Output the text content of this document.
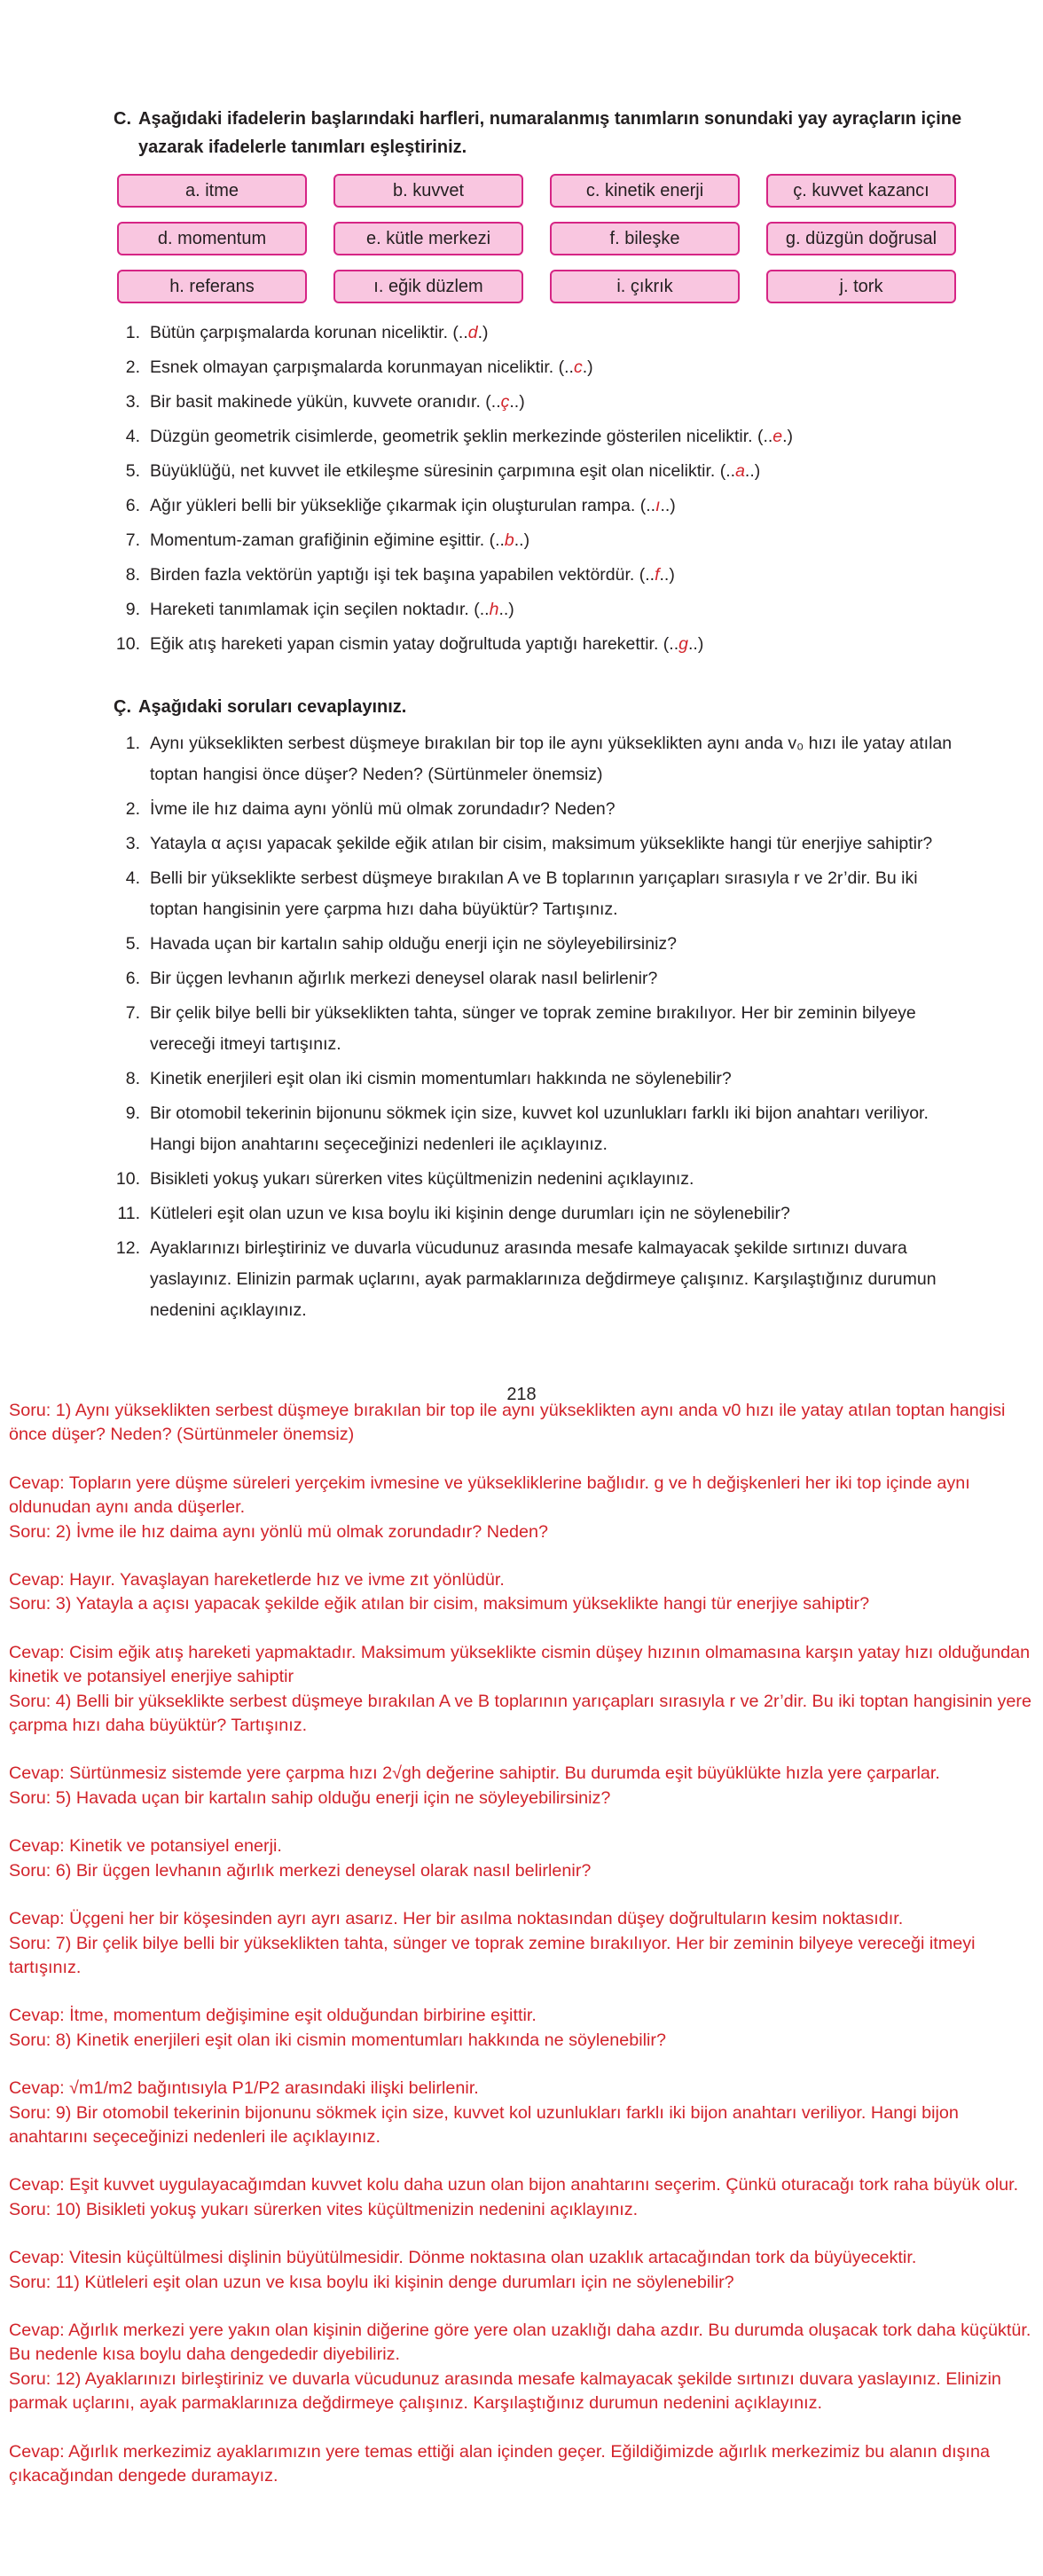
C. Aşağıdaki ifadelerin başlarındaki harfleri, numaralanmış tanımların sonundaki yay ayraçların içine yazarak ifadelerle tanımları eşleştiriniz.
a. itme	b. kuvvet	c. kinetik enerji	ç. kuvvet kazancı
d. momentum	e. kütle merkezi	f. bileşke	g. düzgün doğrusal
h. referans	ı. eğik düzlem	i. çıkrık	j. tork
1. Bütün çarpışmalarda korunan niceliktir. (..d.)
2. Esnek olmayan çarpışmalarda korunmayan niceliktir. (..c.)
3. Bir basit makinede yükün, kuvvete oranıdır. (..ç..)
4. Düzgün geometrik cisimlerde, geometrik şeklin merkezinde gösterilen niceliktir. (..e.)
5. Büyüklüğü, net kuvvet ile etkileşme süresinin çarpımına eşit olan niceliktir. (..a..)
6. Ağır yükleri belli bir yüksekliğe çıkarmak için oluşturulan rampa. (..ı..)
7. Momentum-zaman grafiğinin eğimine eşittir. (..b..)
8. Birden fazla vektörün yaptığı işi tek başına yapabilen vektördür. (..f..)
9. Hareketi tanımlamak için seçilen noktadır. (..h..)
10. Eğik atış hareketi yapan cismin yatay doğrultuda yaptığı harekettir. (..g..)
Ç. Aşağıdaki soruları cevaplayınız.
1. Aynı yükseklikten serbest düşmeye bırakılan bir top ile aynı yükseklikten aynı anda v₀ hızı ile yatay atılan toptan hangisi önce düşer? Neden? (Sürtünmeler önemsiz)
2. İvme ile hız daima aynı yönlü mü olmak zorundadır? Neden?
3. Yatayla α açısı yapacak şekilde eğik atılan bir cisim, maksimum yükseklikte hangi tür enerjiye sahiptir?
4. Belli bir yükseklikte serbest düşmeye bırakılan A ve B toplarının yarıçapları sırasıyla r ve 2r’dir. Bu iki toptan hangisinin yere çarpma hızı daha büyüktür? Tartışınız.
5. Havada uçan bir kartalın sahip olduğu enerji için ne söyleyebilirsiniz?
6. Bir üçgen levhanın ağırlık merkezi deneysel olarak nasıl belirlenir?
7. Bir çelik bilye belli bir yükseklikten tahta, sünger ve toprak zemine bırakılıyor. Her bir zeminin bilyeye vereceği itmeyi tartışınız.
8. Kinetik enerjileri eşit olan iki cismin momentumları hakkında ne söylenebilir?
9. Bir otomobil tekerinin bijonunu sökmek için size, kuvvet kol uzunlukları farklı iki bijon anahtarı veriliyor. Hangi bijon anahtarını seçeceğinizi nedenleri ile açıklayınız.
10. Bisikleti yokuş yukarı sürerken vites küçültmenizin nedenini açıklayınız.
11. Kütleleri eşit olan uzun ve kısa boylu iki kişinin denge durumları için ne söylenebilir?
12. Ayaklarınızı birleştiriniz ve duvarla vücudunuz arasında mesafe kalmayacak şekilde sırtınızı duvara yaslayınız. Elinizin parmak uçlarını, ayak parmaklarınıza değdirmeye çalışınız. Karşılaştığınız durumun nedenini açıklayınız.
218

Soru: 1) Aynı yükseklikten serbest düşmeye bırakılan bir top ile aynı yükseklikten aynı anda v0 hızı ile yatay atılan toptan hangisi önce düşer? Neden? (Sürtünmeler önemsiz)

Cevap: Topların yere düşme süreleri yerçekim ivmesine ve yüksekliklerine bağlıdır. g ve h değişkenleri her iki top içinde aynı oldunudan aynı anda düşerler.

Soru: 2) İvme ile hız daima aynı yönlü mü olmak zorundadır? Neden?

Cevap: Hayır. Yavaşlayan hareketlerde hız ve ivme zıt yönlüdür.

Soru: 3) Yatayla a açısı yapacak şekilde eğik atılan bir cisim, maksimum yükseklikte hangi tür enerjiye sahiptir?

Cevap: Cisim eğik atış hareketi yapmaktadır. Maksimum yükseklikte cismin düşey hızının olmamasına karşın yatay hızı olduğundan kinetik ve potansiyel enerjiye sahiptir

Soru: 4) Belli bir yükseklikte serbest düşmeye bırakılan A ve B toplarının yarıçapları sırasıyla r ve 2r’dir. Bu iki toptan hangisinin yere çarpma hızı daha büyüktür? Tartışınız.

Cevap: Sürtünmesiz sistemde yere çarpma hızı 2√gh değerine sahiptir. Bu durumda eşit büyüklükte hızla yere çarparlar.

Soru: 5) Havada uçan bir kartalın sahip olduğu enerji için ne söyleyebilirsiniz?

Cevap: Kinetik ve potansiyel enerji.

Soru: 6) Bir üçgen levhanın ağırlık merkezi deneysel olarak nasıl belirlenir?

Cevap: Üçgeni her bir köşesinden ayrı ayrı asarız. Her bir asılma noktasından düşey doğrultuların kesim noktasıdır.

Soru: 7) Bir çelik bilye belli bir yükseklikten tahta, sünger ve toprak zemine bırakılıyor. Her bir zeminin bilyeye vereceği itmeyi tartışınız.

Cevap: İtme, momentum değişimine eşit olduğundan birbirine eşittir.

Soru: 8) Kinetik enerjileri eşit olan iki cismin momentumları hakkında ne söylenebilir?

Cevap: √m1/m2 bağıntısıyla P1/P2 arasındaki ilişki belirlenir.

Soru: 9) Bir otomobil tekerinin bijonunu sökmek için size, kuvvet kol uzunlukları farklı iki bijon anahtarı veriliyor. Hangi bijon anahtarını seçeceğinizi nedenleri ile açıklayınız.

Cevap: Eşit kuvvet uygulayacağımdan kuvvet kolu daha uzun olan bijon anahtarını seçerim. Çünkü oturacağı tork raha büyük olur.

Soru: 10) Bisikleti yokuş yukarı sürerken vites küçültmenizin nedenini açıklayınız.

Cevap: Vitesin küçültülmesi dişlinin büyütülmesidir. Dönme noktasına olan uzaklık artacağından tork da büyüyecektir.

Soru: 11) Kütleleri eşit olan uzun ve kısa boylu iki kişinin denge durumları için ne söylenebilir?

Cevap: Ağırlık merkezi yere yakın olan kişinin diğerine göre yere olan uzaklığı daha azdır. Bu durumda oluşacak tork daha küçüktür. Bu nedenle kısa boylu daha dengededir diyebiliriz.

Soru: 12) Ayaklarınızı birleştiriniz ve duvarla vücudunuz arasında mesafe kalmayacak şekilde sırtınızı duvara yaslayınız. Elinizin parmak uçlarını, ayak parmaklarınıza değdirmeye çalışınız. Karşılaştığınız durumun nedenini açıklayınız.

Cevap: Ağırlık merkezimiz ayaklarımızın yere temas ettiği alan içinden geçer. Eğildiğimizde ağırlık merkezimiz bu alanın dışına çıkacağından dengede duramayız.
